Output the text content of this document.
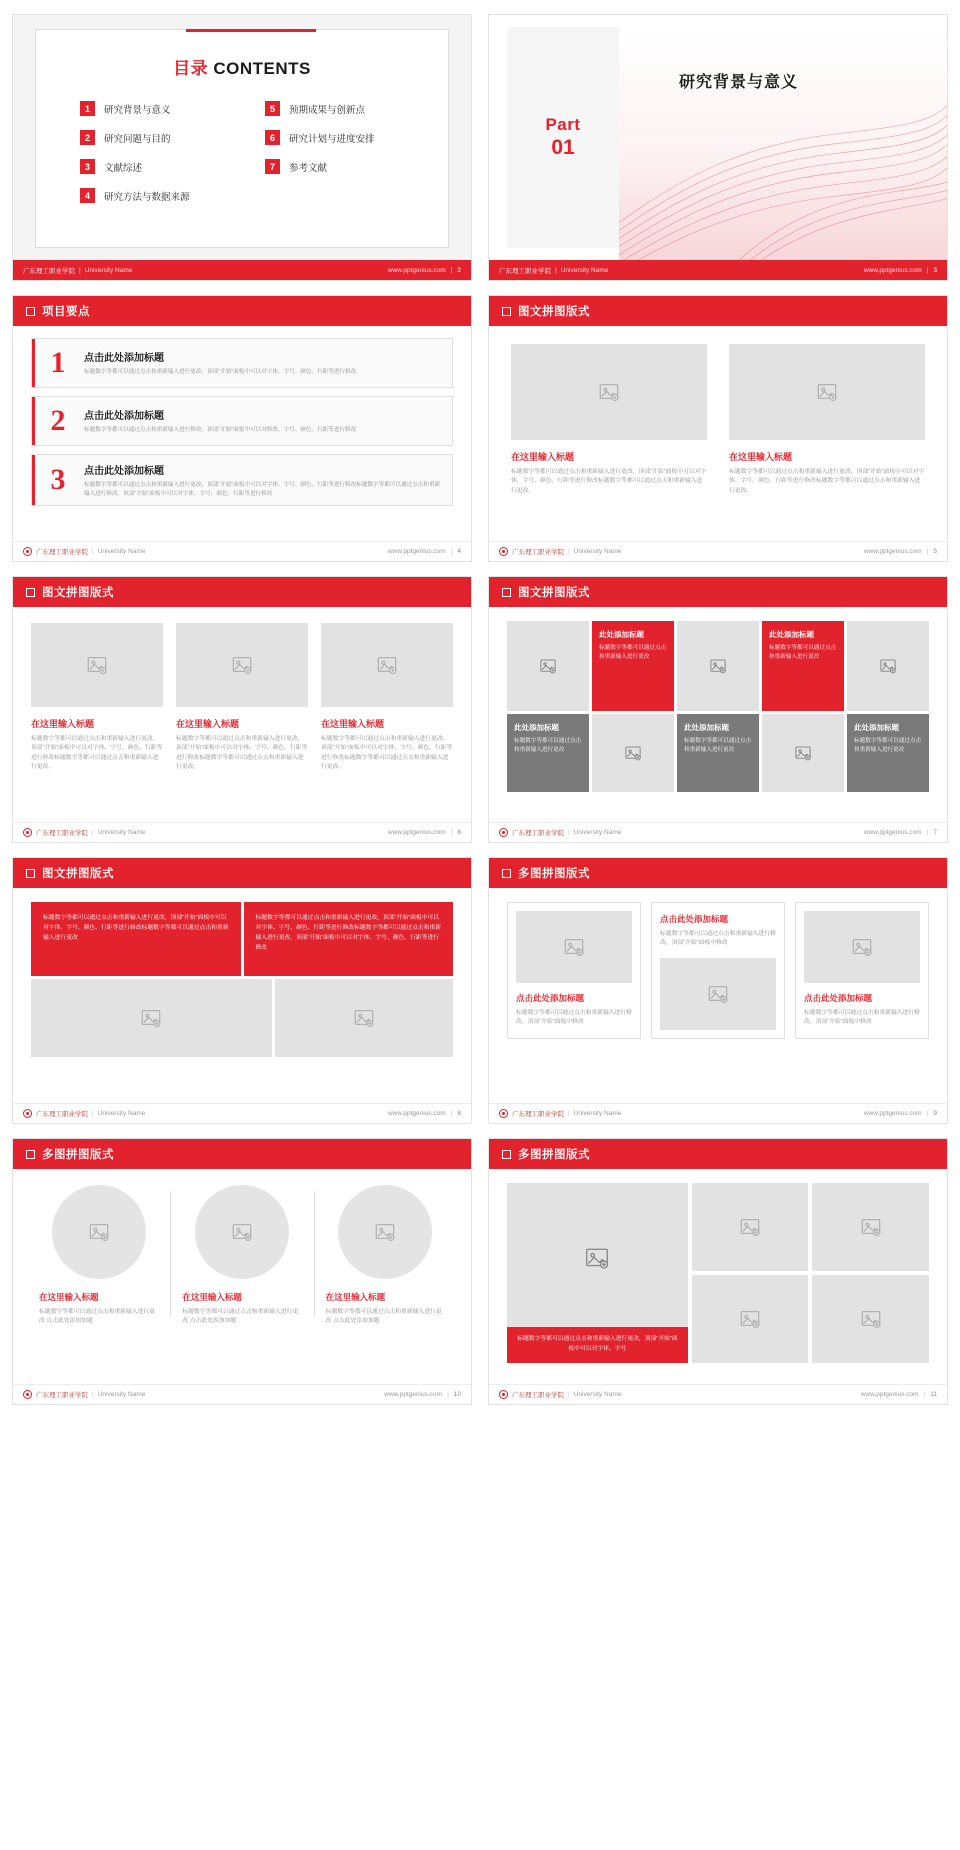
目录 CONTENTS
1	研究背景与意义	5	预期成果与创新点
2	研究问题与目的	6	研究计划与进度安排
3	文献综述	7	参考文献
4	研究方法与数据来源
广东理工职业学院 | University Name	www.pptgenius.com | 2
研究背景与意义
Part
01
广东理工职业学院 | University Name	www.pptgenius.com | 3
项目要点
1	点击此处添加标题
标题数字等都可以通过点击和重新输入进行更改，顶部“开始”面板中可以对字体、字号、颜色、行距等进行修改
2	点击此处添加标题
标题数字等都可以通过点击和重新输入进行修改，顶部“开始”面板中可以对修改、字号、颜色、行距等进行修改
3	点击此处添加标题
标题数字等都可以通过点击和重新输入进行更改，顶部“开始”面板中可以对字体、字号、颜色、行距等进行修改标题数字等都可以通过点击和重新输入进行修改，顶部“开始”面板中可以对字体、字号、颜色、行距等进行修改
广东理工职业学院 | University Name	www.pptgenius.com | 4
图文拼图版式
在这里输入标题
标题数字等都可以通过点击和重新输入进行更改，顶部“开始”面板中可以对字体、字号、颜色、行距等进行修改标题数字等都可以通过点击和重新输入进行更改。
在这里输入标题
标题数字等都可以通过点击和重新输入进行更改，顶部“开始”面板中可以对字体、字号、颜色、行距等进行修改标题数字等都可以通过点击和重新输入进行更改。
广东理工职业学院 | University Name	www.pptgenius.com | 5
图文拼图版式
在这里输入标题
标题数字等都可以通过点击和重新输入进行更改，顶部“开始”面板中可以对字体、字号、颜色、行距等进行修改标题数字等都可以通过点击和重新输入进行更改。
在这里输入标题
标题数字等都可以通过点击和重新输入进行更改，顶部“开始”面板中可以对字体、字号、颜色、行距等进行修改标题数字等都可以通过点击和重新输入进行更改。
在这里输入标题
标题数字等都可以通过点击和重新输入进行更改，顶部“开始”面板中可以对字体、字号、颜色、行距等进行修改标题数字等都可以通过点击和重新输入进行更改。
广东理工职业学院 | University Name	www.pptgenius.com | 6
图文拼图版式
此处添加标题
标题数字等都可以通过点击和重新输入进行更改
此处添加标题
标题数字等都可以通过点击和重新输入进行更改
此处添加标题
标题数字等都可以通过点击和重新输入进行更改
此处添加标题
标题数字等都可以通过点击和重新输入进行更改
此处添加标题
标题数字等都可以通过点击和重新输入进行更改
广东理工职业学院 | University Name	www.pptgenius.com | 7
图文拼图版式
标题数字等都可以通过点击和重新输入进行更改，顶部“开始”面板中可以对字体、字号、颜色、行距等进行修改标题数字等都可以通过点击和重新输入进行更改
标题数字等都可以通过点击和重新输入进行更改，顶部“开始”面板中可以对字体、字号、颜色、行距等进行修改标题数字等都可以通过点击和重新输入进行更改，顶部“开始”面板中可以对字体、字号、颜色、行距等进行修改
广东理工职业学院 | University Name	www.pptgenius.com | 8
多图拼图版式
点击此处添加标题
标题数字等都可以通过点击和重新输入进行修改，顶部“开始”面板中修改
点击此处添加标题
标题数字等都可以通过点击和重新输入进行修改，顶部“开始”面板中修改
点击此处添加标题
标题数字等都可以通过点击和重新输入进行修改，顶部“开始”面板中修改
广东理工职业学院 | University Name	www.pptgenius.com | 9
多图拼图版式
在这里输入标题
标题数字等都可以通过点击和重新输入进行更改 点击此处添加加题
在这里输入标题
标题数字等都可以通过点击和重新输入进行更改 点击此处添加加题
在这里输入标题
标题数字等都可以通过点击和重新输入进行更改 点击此处添加加题
广东理工职业学院 | University Name	www.pptgenius.com | 10
多图拼图版式
标题数字等都可以通过点击和重新输入进行更改，顶部“开始”面板中可以对字体、字号
广东理工职业学院 | University Name	www.pptgenius.com | 11
